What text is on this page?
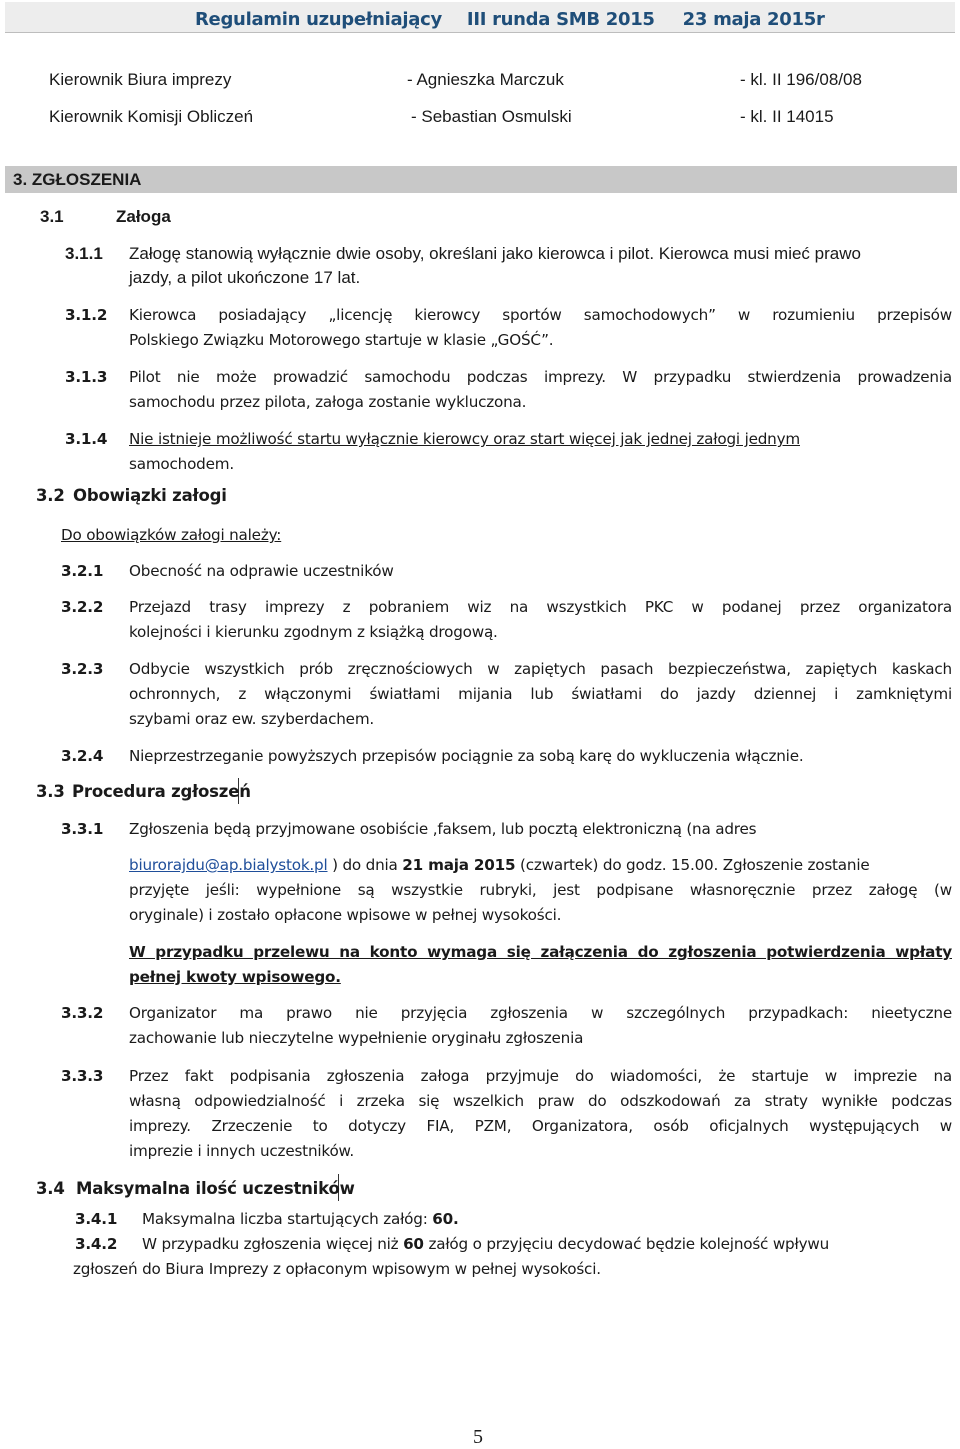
Regulamin uzupełniający III runda SMB 2015 23 maja 2015r
Kierownik Biura imprezy	- Agnieszka Marczuk	- kl. II 196/08/08
Kierownik Komisji Obliczeń	- Sebastian Osmulski	- kl. II 14015
3. ZGŁOSZENIA
3.1	Załoga
3.1.1 Załogę stanowią wyłącznie dwie osoby, określani jako kierowca i pilot. Kierowca musi mieć prawo
jazdy, a pilot ukończone 17 lat.
3.1.2 Kierowca posiadający „licencję kierowcy sportów samochodowych” w rozumieniu przepisów
Polskiego Związku Motorowego startuje w klasie „GOŚĆ”.
3.1.3 Pilot nie może prowadzić samochodu podczas imprezy. W przypadku stwierdzenia prowadzenia
samochodu przez pilota, załoga zostanie wykluczona.
3.1.4 Nie istnieje możliwość startu wyłącznie kierowcy oraz start więcej jak jednej załogi jednym
samochodem.
3.2 Obowiązki załogi
Do obowiązków załogi należy:
3.2.1 Obecność na odprawie uczestników
3.2.2 Przejazd trasy imprezy z pobraniem wiz na wszystkich PKC w podanej przez organizatora
kolejności i kierunku zgodnym z książką drogową.
3.2.3 Odbycie wszystkich prób zręcznościowych w zapiętych pasach bezpieczeństwa, zapiętych kaskach
ochronnych, z włączonymi światłami mijania lub światłami do jazdy dziennej i zamkniętymi
szybami oraz ew. szyberdachem.
3.2.4 Nieprzestrzeganie powyższych przepisów pociągnie za sobą karę do wykluczenia włącznie.
3.3 Procedura zgłoszeń
3.3.1 Zgłoszenia będą przyjmowane osobiście ,faksem, lub pocztą elektroniczną (na adres
biurorajdu@ap.bialystok.pl ) do dnia 21 maja 2015 (czwartek) do godz. 15.00. Zgłoszenie zostanie
przyjęte jeśli: wypełnione są wszystkie rubryki, jest podpisane własnoręcznie przez załogę (w
oryginale) i zostało opłacone wpisowe w pełnej wysokości.
W przypadku przelewu na konto wymaga się załączenia do zgłoszenia potwierdzenia wpłaty
pełnej kwoty wpisowego.
3.3.2 Organizator ma prawo nie przyjęcia zgłoszenia w szczególnych przypadkach: nieetyczne
zachowanie lub nieczytelne wypełnienie oryginału zgłoszenia
3.3.3 Przez fakt podpisania zgłoszenia załoga przyjmuje do wiadomości, że startuje w imprezie na
własną odpowiedzialność i zrzeka się wszelkich praw do odszkodowań za straty wynikłe podczas
imprezy. Zrzeczenie to dotyczy FIA, PZM, Organizatora, osób oficjalnych występujących w
imprezie i innych uczestników.
3.4 Maksymalna ilość uczestników
3.4.1 Maksymalna liczba startujących załóg: 60.
3.4.2 W przypadku zgłoszenia więcej niż 60 załóg o przyjęciu decydować będzie kolejność wpływu
zgłoszeń do Biura Imprezy z opłaconym wpisowym w pełnej wysokości.
5
